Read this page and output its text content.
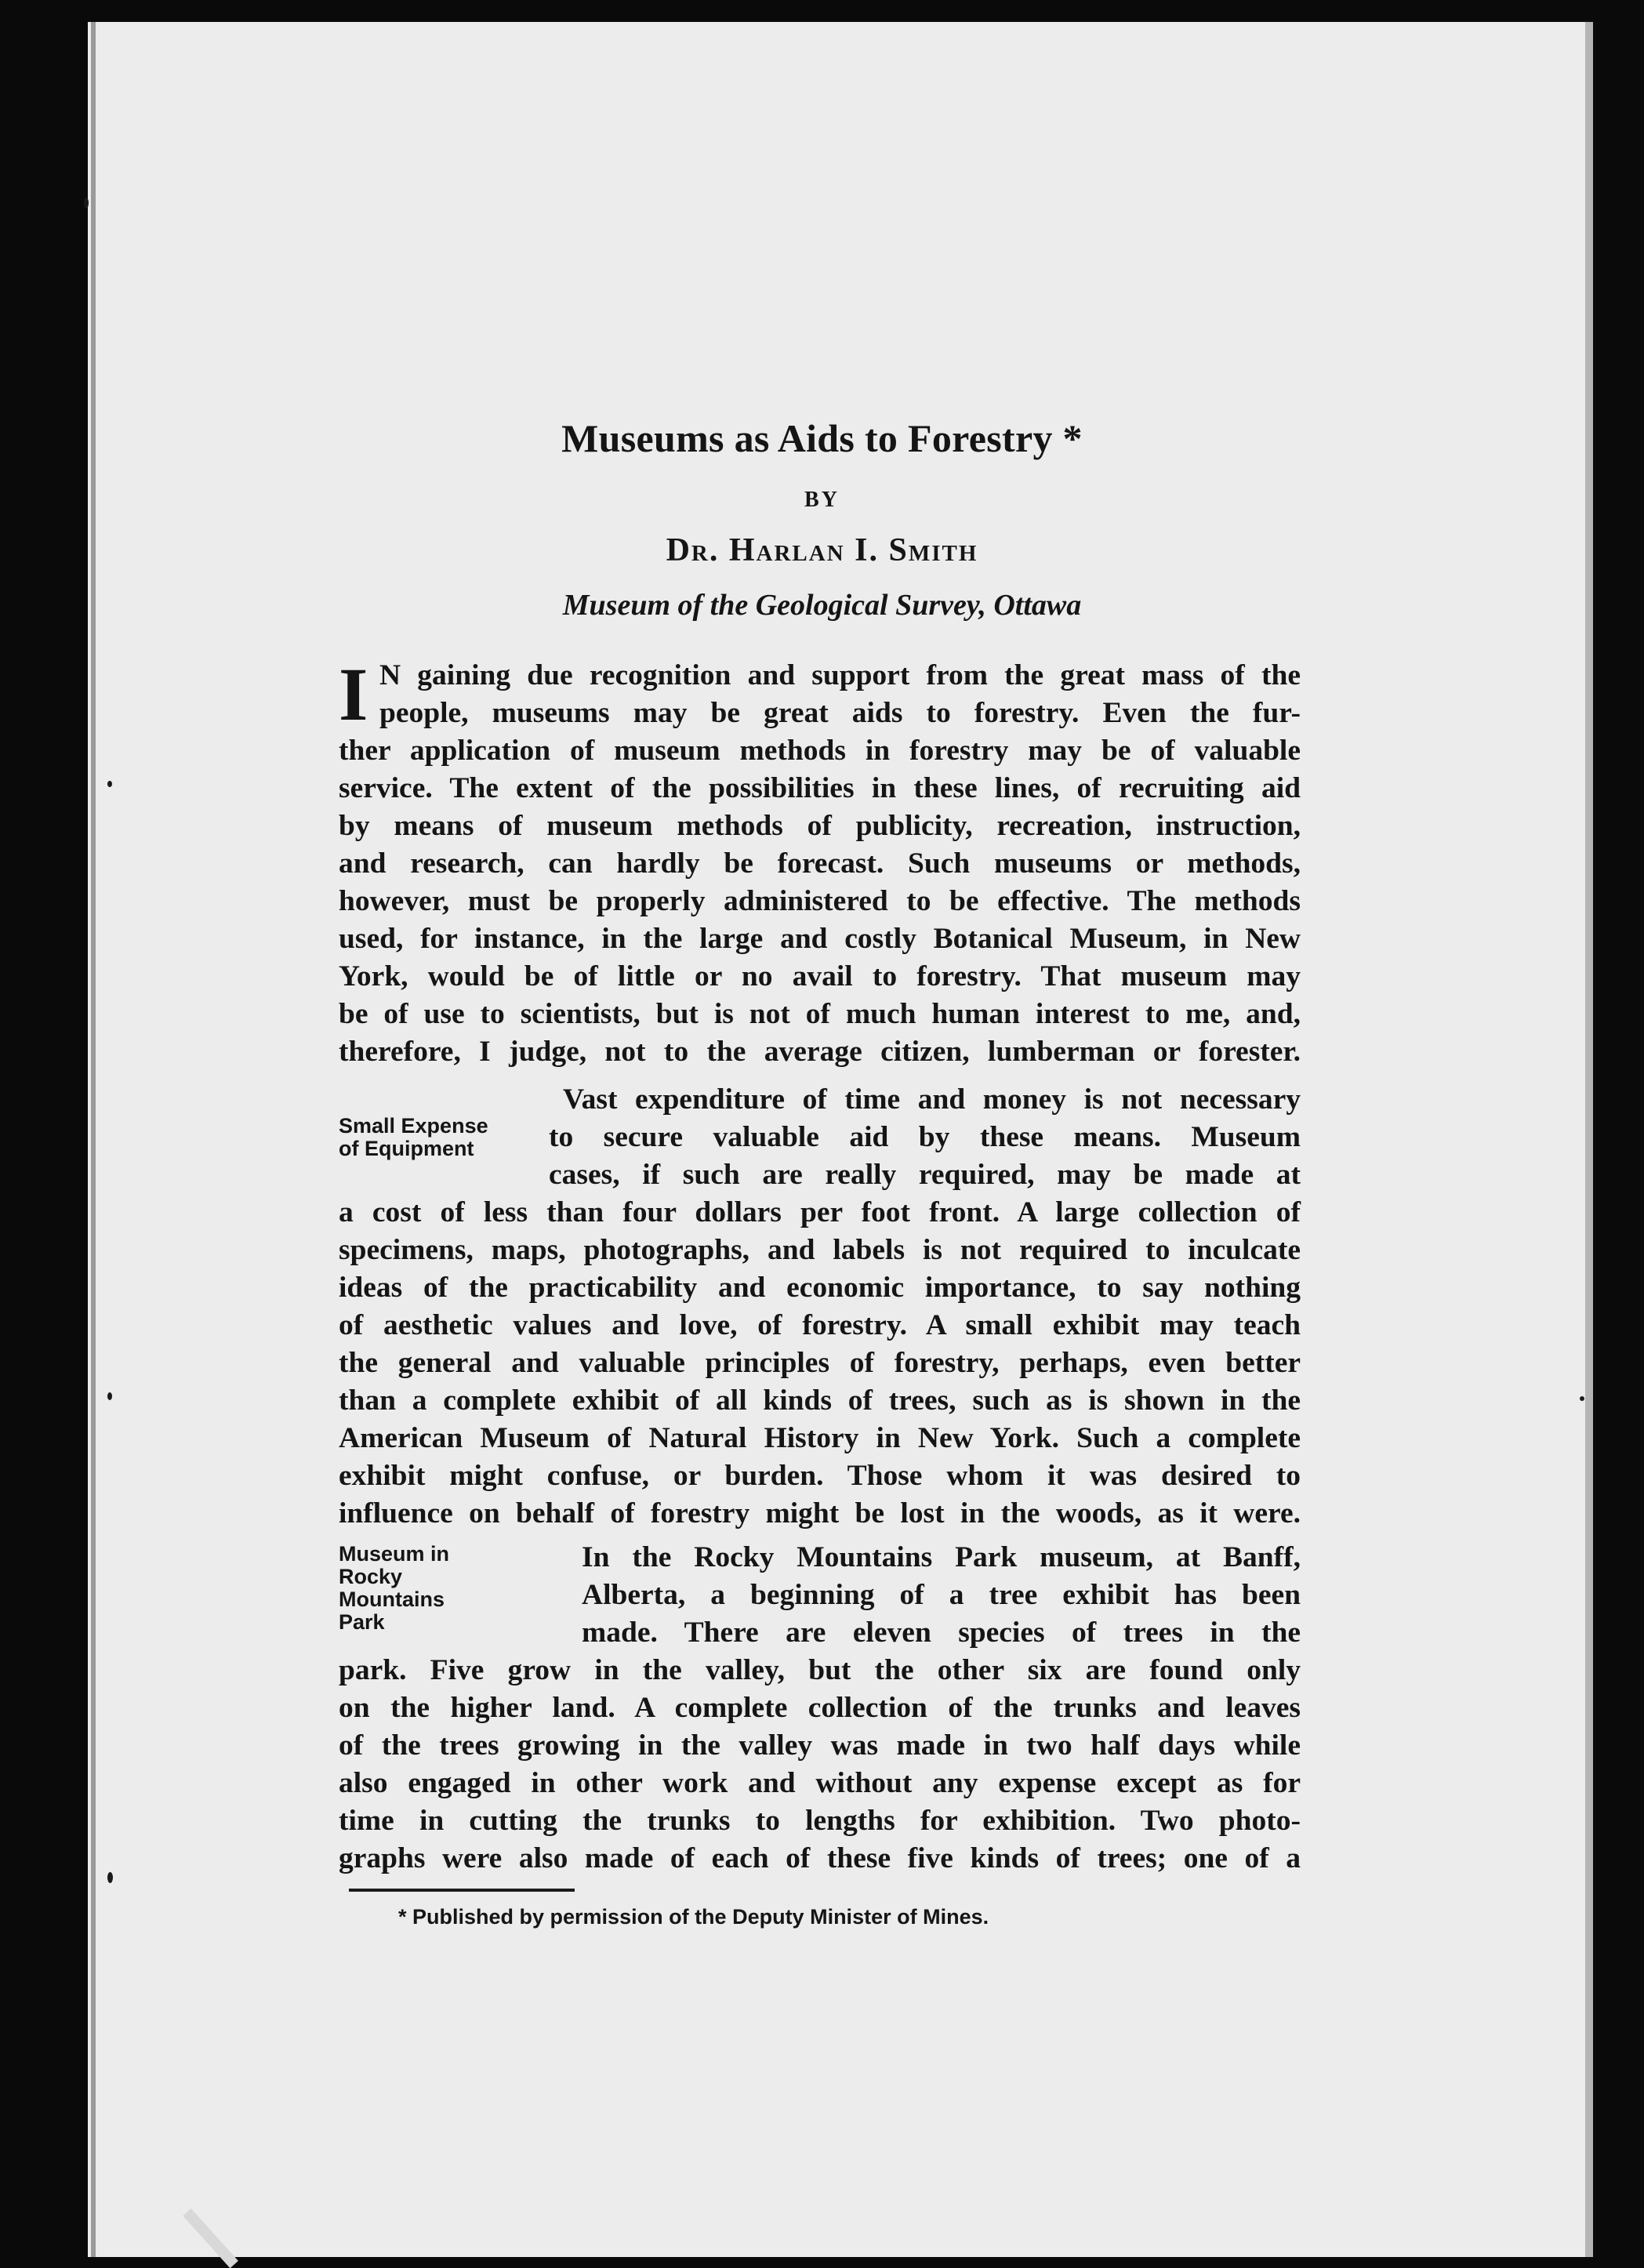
Museums as Aids to Forestry *
BY
Dr. Harlan I. Smith
Museum of the Geological Survey, Ottawa
I N gaining due recognition and support from the great mass of the
people, museums may be great aids to forestry. Even the fur-
ther application of museum methods in forestry may be of valuable
service. The extent of the possibilities in these lines, of recruiting aid
by means of museum methods of publicity, recreation, instruction,
and research, can hardly be forecast. Such museums or methods,
however, must be properly administered to be effective. The methods
used, for instance, in the large and costly Botanical Museum, in New
York, would be of little or no avail to forestry. That museum may
be of use to scientists, but is not of much human interest to me, and,
therefore, I judge, not to the average citizen, lumberman or forester.
Small Expense
of Equipment
Vast expenditure of time and money is not necessary
to secure valuable aid by these means. Museum
cases, if such are really required, may be made at
a cost of less than four dollars per foot front. A large collection of
specimens, maps, photographs, and labels is not required to inculcate
ideas of the practicability and economic importance, to say nothing
of aesthetic values and love, of forestry. A small exhibit may teach
the general and valuable principles of forestry, perhaps, even better
than a complete exhibit of all kinds of trees, such as is shown in the
American Museum of Natural History in New York. Such a complete
exhibit might confuse, or burden. Those whom it was desired to
influence on behalf of forestry might be lost in the woods, as it were.
Museum in
Rocky
Mountains
Park
In the Rocky Mountains Park museum, at Banff,
Alberta, a beginning of a tree exhibit has been
made. There are eleven species of trees in the
park. Five grow in the valley, but the other six are found only
on the higher land. A complete collection of the trunks and leaves
of the trees growing in the valley was made in two half days while
also engaged in other work and without any expense except as for
time in cutting the trunks to lengths for exhibition. Two photo-
graphs were also made of each of these five kinds of trees; one of a
* Published by permission of the Deputy Minister of Mines.
